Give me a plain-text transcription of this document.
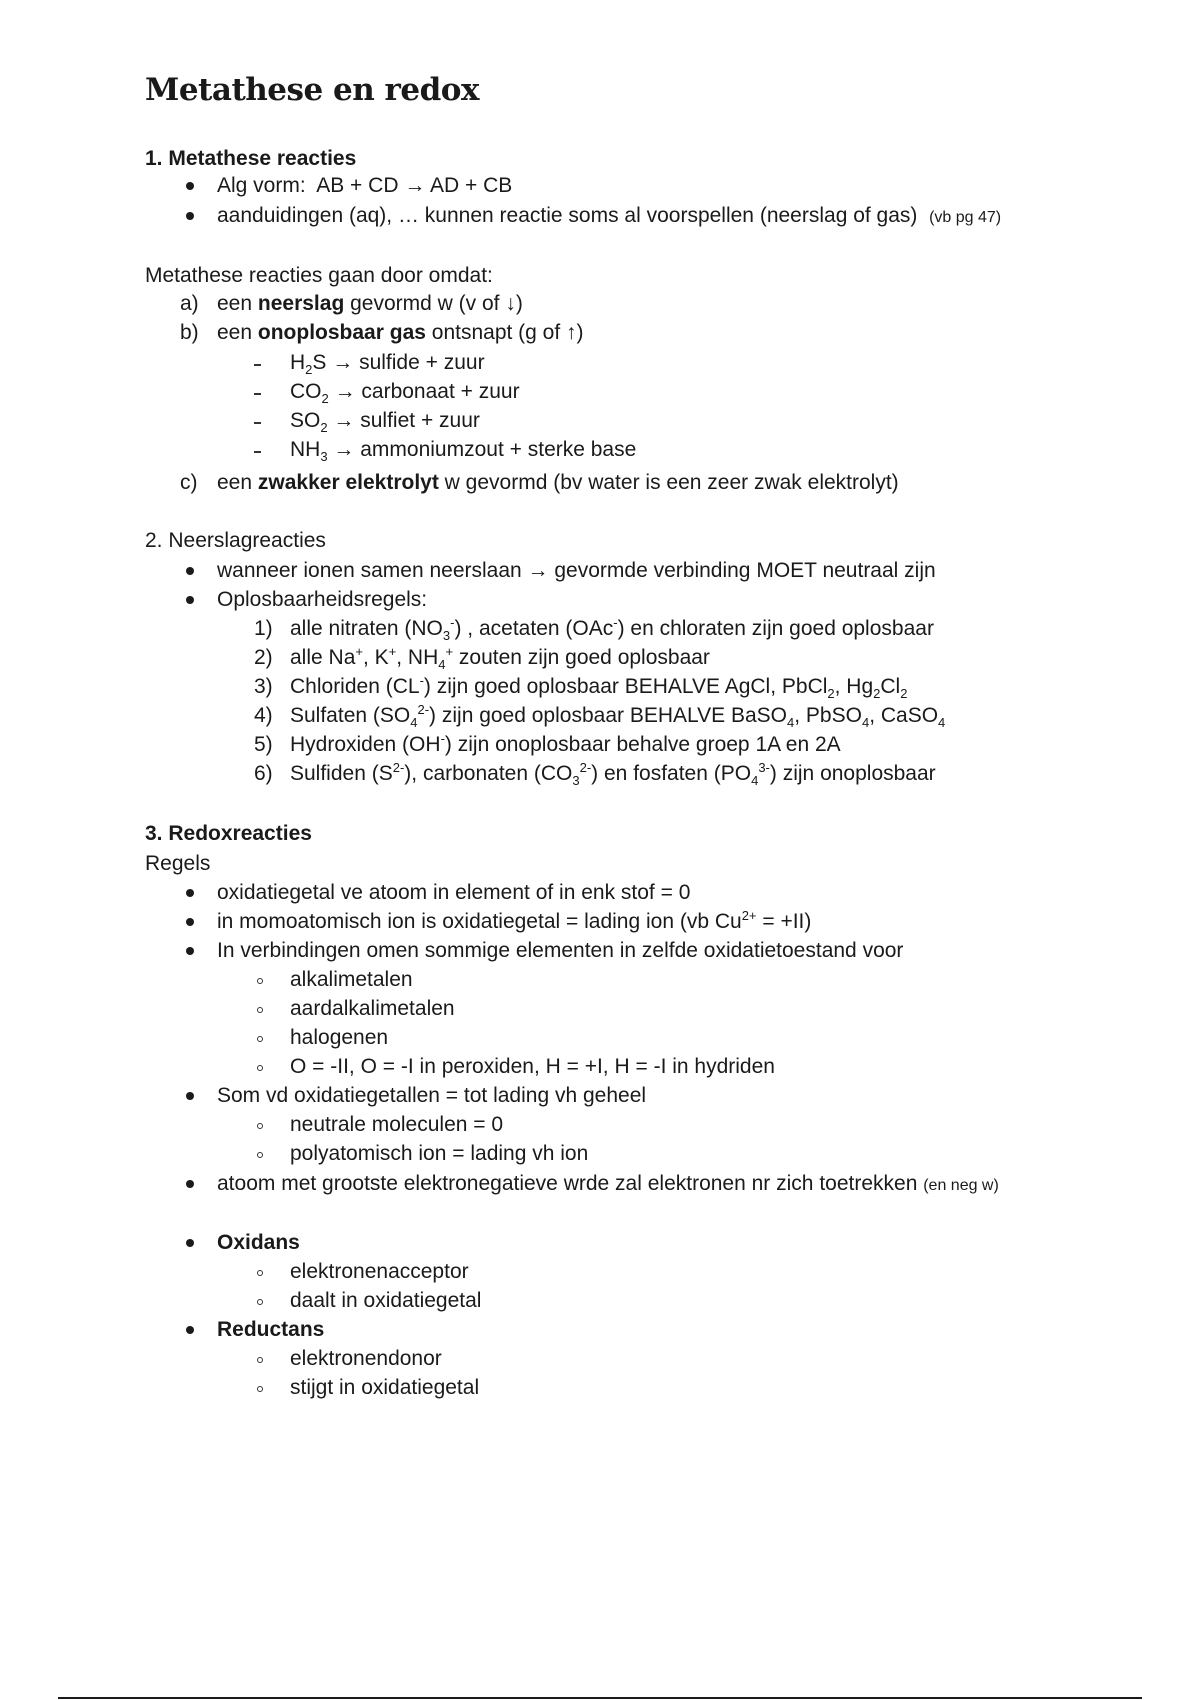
Metathese en redox
1. Metathese reacties
Alg vorm: AB + CD → AD + CB
aanduidingen (aq), … kunnen reactie soms al voorspellen (neerslag of gas) (vb pg 47)
Metathese reacties gaan door omdat:
a) een neerslag gevormd w (v of ↓)
b) een onoplosbaar gas ontsnapt (g of ↑)
$H_2S$ → sulfide + zuur
$CO_2$ → carbonaat + zuur
$SO_2$ → sulfiet + zuur
$NH_3$ → ammoniumzout + sterke base
c) een zwakker elektrolyt w gevormd (bv water is een zeer zwak elektrolyt)
2. Neerslagreacties
wanneer ionen samen neerslaan → gevormde verbinding MOET neutraal zijn
Oplosbaarheidsregels:
1) alle nitraten $(NO_3^-)$ , acetaten (OAc-) en chloraten zijn goed oplosbaar
2) alle Na+, K+, $NH_4^+$ zouten zijn goed oplosbaar
3) Chloriden (CL-) zijn goed oplosbaar BEHALVE AgCl, PbCl$_2$, $Hg_2Cl_2$
4) Sulfaten $(SO_4^{2-})$ zijn goed oplosbaar BEHALVE BaSO$_4$, PbSO$_4$, CaSO$_4$
5) Hydroxiden (OH-) zijn onoplosbaar behalve groep 1A en 2A
6) Sulfiden $(S^{2-})$, carbonaten $(CO_3^{2-})$ en fosfaten $(PO_4^{3-})$ zijn onoplosbaar
3. Redoxreacties
Regels
oxidatiegetal ve atoom in element of in enk stof = 0
in momoatomisch ion is oxidatiegetal = lading ion (vb $Cu^{2+} = +II$)
In verbindingen omen sommige elementen in zelfde oxidatietoestand voor
alkalimetalen
aardalkalimetalen
halogenen
O = -II, O = -I in peroxiden, H = +I, H = -I in hydriden
Som vd oxidatiegetallen = tot lading vh geheel
neutrale moleculen = 0
polyatomisch ion = lading vh ion
atoom met grootste elektronegatieve wrde zal elektronen nr zich toetrekken (en neg w)
Oxidans
elektronenacceptor
daalt in oxidatiegetal
Reductans
elektronendonor
stijgt in oxidatiegetal
